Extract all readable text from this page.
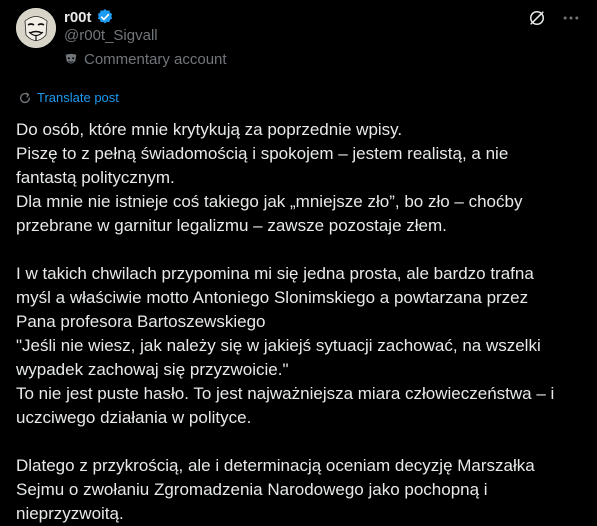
r00t
@r00t_Sigvall
Commentary account
Translate post

Do osób, które mnie krytykują za poprzednie wpisy.

Piszę to z pełną świadomością i spokojem – jestem realistą, a nie

fantastą politycznym.

Dla mnie nie istnieje coś takiego jak „mniejsze zło”, bo zło – choćby

przebrane w garnitur legalizmu – zawsze pozostaje złem.

I w takich chwilach przypomina mi się jedna prosta, ale bardzo trafna

myśl a właściwie motto Antoniego Slonimskiego a powtarzana przez

Pana profesora Bartoszewskiego

"Jeśli nie wiesz, jak należy się w jakiejś sytuacji zachować, na wszelki

wypadek zachowaj się przyzwoicie."

To nie jest puste hasło. To jest najważniejsza miara człowieczeństwa – i

uczciwego działania w polityce.

Dlatego z przykrością, ale i determinacją oceniam decyzję Marszałka

Sejmu o zwołaniu Zgromadzenia Narodowego jako pochopną i

nieprzyzwoitą.
